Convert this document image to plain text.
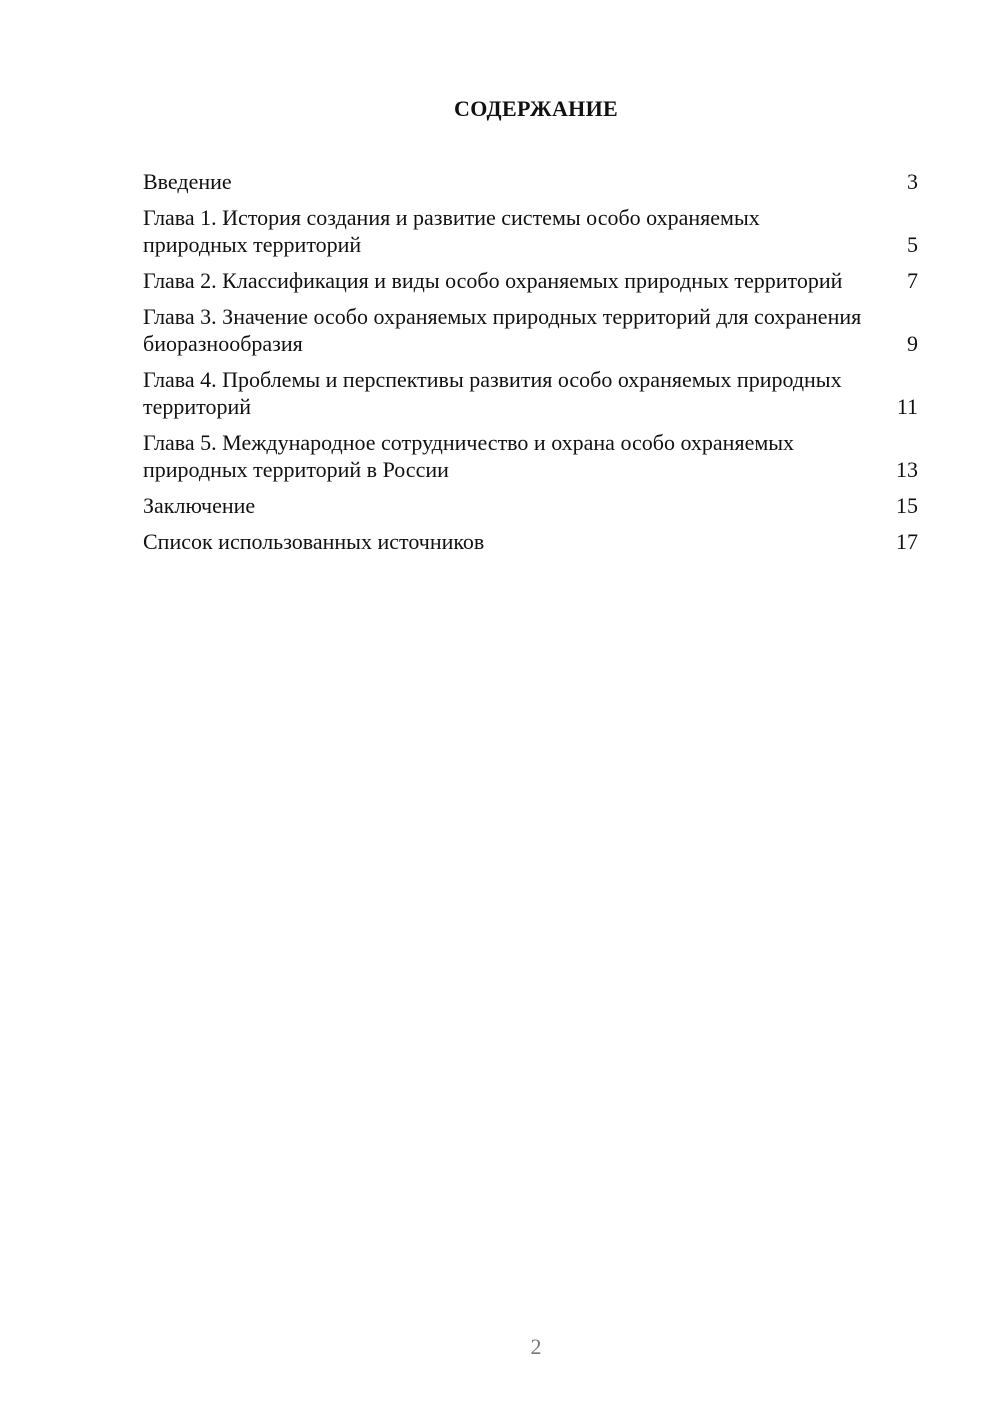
СОДЕРЖАНИЕ
Введение	3
Глава 1. История создания и развитие системы особо охраняемых природных территорий	5
Глава 2. Классификация и виды особо охраняемых природных территорий	7
Глава 3. Значение особо охраняемых природных территорий для сохранения биоразнообразия	9
Глава 4. Проблемы и перспективы развития особо охраняемых природных территорий	11
Глава 5. Международное сотрудничество и охрана особо охраняемых природных территорий в России	13
Заключение	15
Список использованных источников	17
2
